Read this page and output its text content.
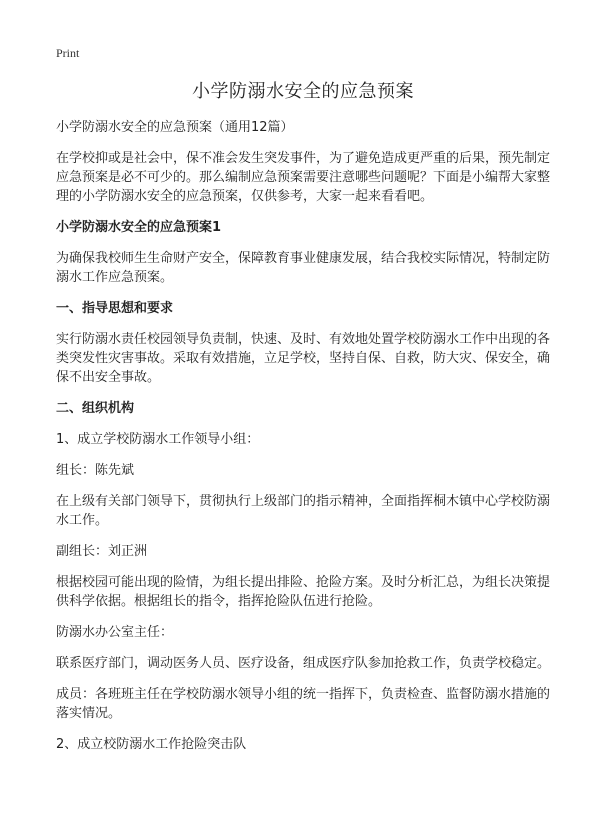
Print
小学防溺水安全的应急预案

小学防溺水安全的应急预案（通用12篇）

在学校抑或是社会中，保不准会发生突发事件，为了避免造成更严重的后果，预先制定应急预案是必不可少的。那么编制应急预案需要注意哪些问题呢？下面是小编帮大家整理的小学防溺水安全的应急预案，仅供参考，大家一起来看看吧。

小学防溺水安全的应急预案1

为确保我校师生生命财产安全，保障教育事业健康发展，结合我校实际情况，特制定防溺水工作应急预案。

一、指导思想和要求

实行防溺水责任校园领导负责制，快速、及时、有效地处置学校防溺水工作中出现的各类突发性灾害事故。采取有效措施，立足学校，坚持自保、自救，防大灾、保安全，确保不出安全事故。

二、组织机构

1、成立学校防溺水工作领导小组：

组长：陈先斌

在上级有关部门领导下，贯彻执行上级部门的指示精神，全面指挥桐木镇中心学校防溺水工作。

副组长：刘正洲

根据校园可能出现的险情，为组长提出排险、抢险方案。及时分析汇总，为组长决策提供科学依据。根据组长的指令，指挥抢险队伍进行抢险。

防溺水办公室主任：

联系医疗部门，调动医务人员、医疗设备，组成医疗队参加抢救工作，负责学校稳定。

成员：各班班主任在学校防溺水领导小组的统一指挥下，负责检查、监督防溺水措施的落实情况。

2、成立校防溺水工作抢险突击队
